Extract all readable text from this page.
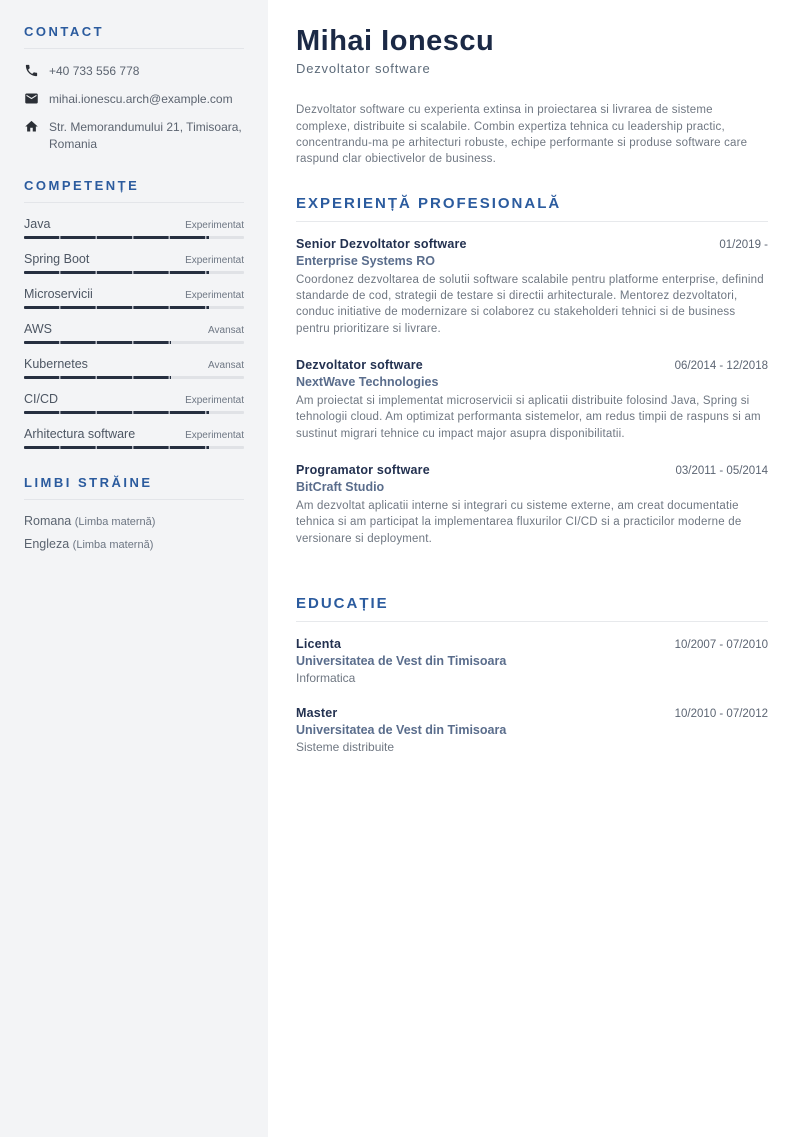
CONTACT
+40 733 556 778
mihai.ionescu.arch@example.com
Str. Memorandumului 21, Timisoara, Romania
COMPETENȚE
Java	Experimentat
Spring Boot	Experimentat
Microservicii	Experimentat
AWS	Avansat
Kubernetes	Avansat
CI/CD	Experimentat
Arhitectura software	Experimentat
LIMBI STRĂINE
Romana (Limba maternă)
Engleza (Limba maternă)
Mihai Ionescu
Dezvoltator software

Dezvoltator software cu experienta extinsa in proiectarea si livrarea de sisteme complexe, distribuite si scalabile. Combin expertiza tehnica cu leadership practic, concentrandu-ma pe arhitecturi robuste, echipe performante si produse software care raspund clar obiectivelor de business.

EXPERIENȚĂ PROFESIONALĂ
Senior Dezvoltator software	01/2019 -
Enterprise Systems RO
Coordonez dezvoltarea de solutii software scalabile pentru platforme enterprise, definind standarde de cod, strategii de testare si directii arhitecturale. Mentorez dezvoltatori, conduc initiative de modernizare si colaborez cu stakeholderi tehnici si de business pentru prioritizare si livrare.
Dezvoltator software	06/2014 - 12/2018
NextWave Technologies
Am proiectat si implementat microservicii si aplicatii distribuite folosind Java, Spring si tehnologii cloud. Am optimizat performanta sistemelor, am redus timpii de raspuns si am sustinut migrari tehnice cu impact major asupra disponibilitatii.
Programator software	03/2011 - 05/2014
BitCraft Studio
Am dezvoltat aplicatii interne si integrari cu sisteme externe, am creat documentatie tehnica si am participat la implementarea fluxurilor CI/CD si a practicilor moderne de versionare si deployment.
EDUCAȚIE
Licenta	10/2007 - 07/2010
Universitatea de Vest din Timisoara
Informatica
Master	10/2010 - 07/2012
Universitatea de Vest din Timisoara
Sisteme distribuite
